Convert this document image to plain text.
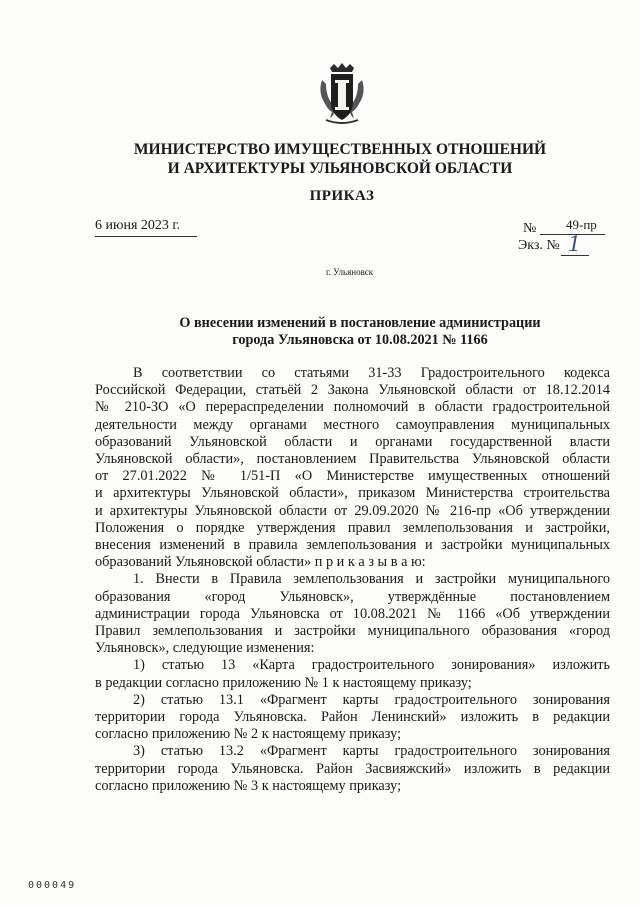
МИНИСТЕРСТВО ИМУЩЕСТВЕННЫХ ОТНОШЕНИЙ
И АРХИТЕКТУРЫ УЛЬЯНОВСКОЙ ОБЛАСТИ
ПРИКАЗ
6 июня 2023 г.	№ 49-пр
Экз. № 1
г. Ульяновск
О внесении изменений в постановление администрации
города Ульяновска от 10.08.2021 № 1166

В соответствии со статьями 31-33 Градостроительного кодекса

Российской Федерации, статьёй 2 Закона Ульяновской области от 18.12.2014

№ 210-ЗО «О перераспределении полномочий в области градостроительной

деятельности между органами местного самоуправления муниципальных

образований Ульяновской области и органами государственной власти

Ульяновской области», постановлением Правительства Ульяновской области

от 27.01.2022 № 1/51-П «О Министерстве имущественных отношений

и архитектуры Ульяновской области», приказом Министерства строительства

и архитектуры Ульяновской области от 29.09.2020 № 216-пр «Об утверждении

Положения о порядке утверждения правил землепользования и застройки,

внесения изменений в правила землепользования и застройки муниципальных

образований Ульяновской области» п р и к а з ы в а ю:

1. Внести в Правила землепользования и застройки муниципального

образования «город Ульяновск», утверждённые постановлением

администрации города Ульяновска от 10.08.2021 № 1166 «Об утверждении

Правил землепользования и застройки муниципального образования «город

Ульяновск», следующие изменения:

1) статью 13 «Карта градостроительного зонирования» изложить

в редакции согласно приложению № 1 к настоящему приказу;

2) статью 13.1 «Фрагмент карты градостроительного зонирования

территории города Ульяновска. Район Ленинский» изложить в редакции

согласно приложению № 2 к настоящему приказу;

3) статью 13.2 «Фрагмент карты градостроительного зонирования

территории города Ульяновска. Район Засвияжский» изложить в редакции

согласно приложению № 3 к настоящему приказу;

000049
